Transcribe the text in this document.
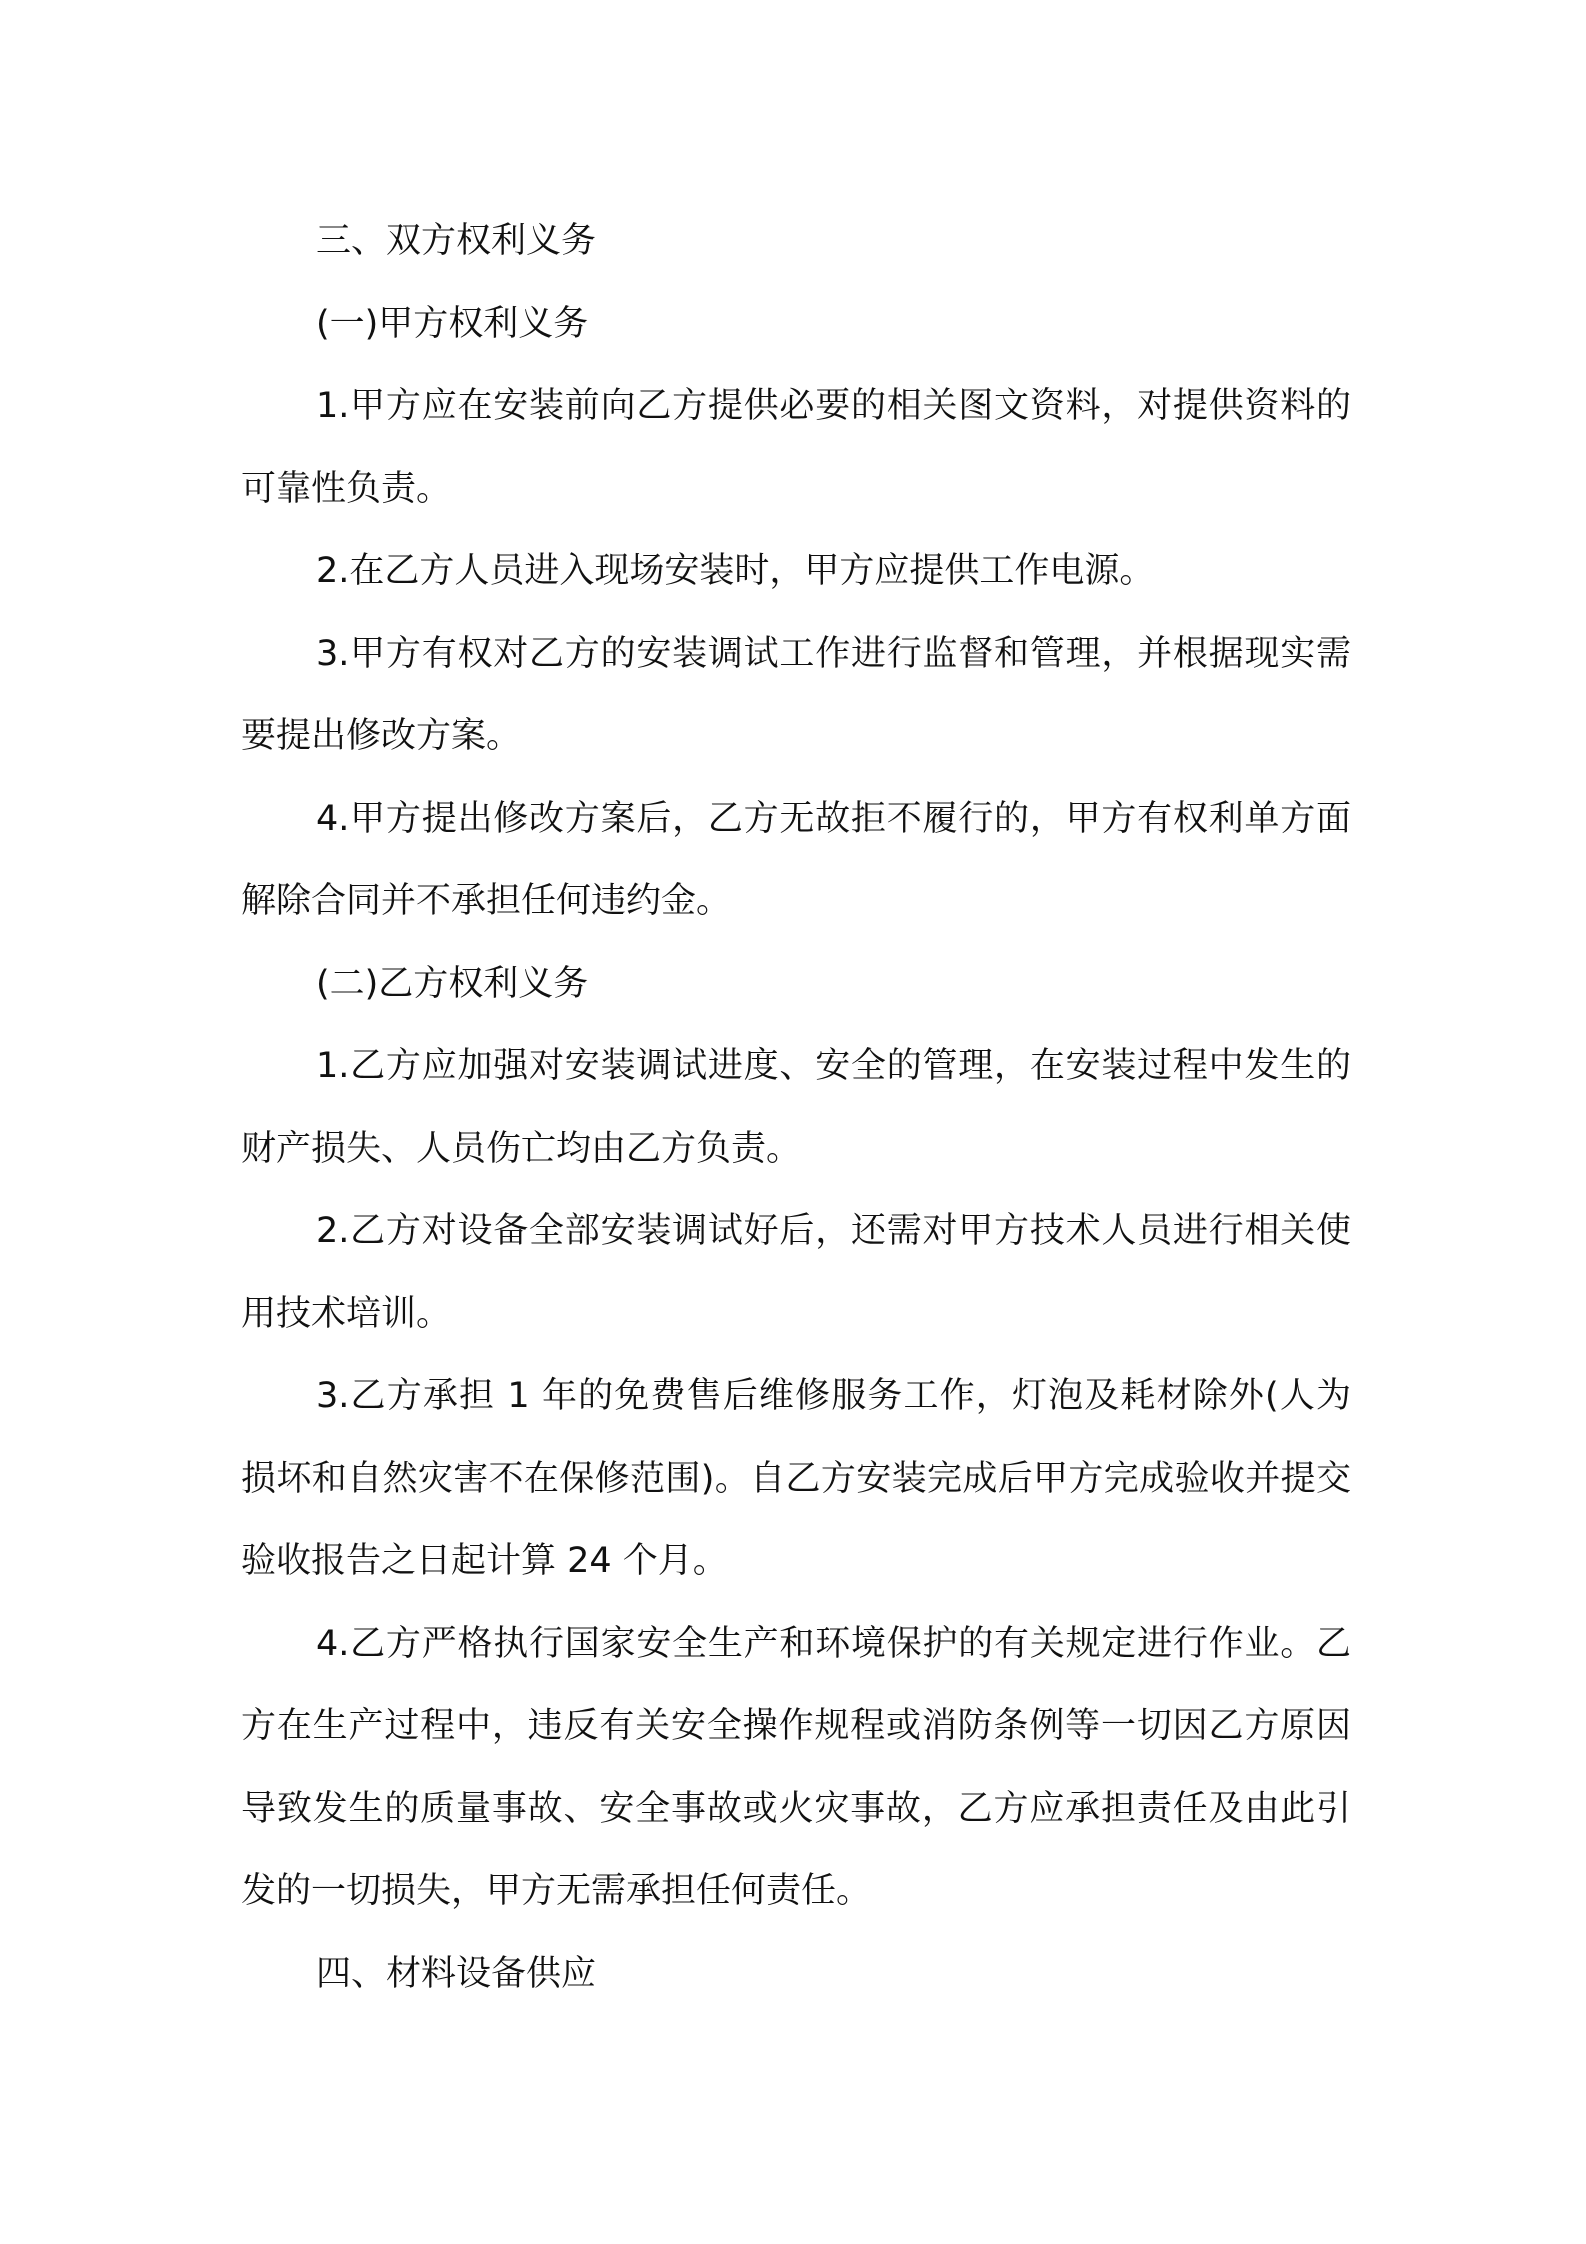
三、双方权利义务

(一)甲方权利义务

1.甲方应在安装前向乙方提供必要的相关图文资料，对提供资料的可靠性负责。

2.在乙方人员进入现场安装时，甲方应提供工作电源。

3.甲方有权对乙方的安装调试工作进行监督和管理，并根据现实需要提出修改方案。

4.甲方提出修改方案后，乙方无故拒不履行的，甲方有权利单方面解除合同并不承担任何违约金。

(二)乙方权利义务

1.乙方应加强对安装调试进度、安全的管理，在安装过程中发生的财产损失、人员伤亡均由乙方负责。

2.乙方对设备全部安装调试好后，还需对甲方技术人员进行相关使用技术培训。

3.乙方承担 1 年的免费售后维修服务工作，灯泡及耗材除外(人为损坏和自然灾害不在保修范围)。自乙方安装完成后甲方完成验收并提交验收报告之日起计算 24 个月。

4.乙方严格执行国家安全生产和环境保护的有关规定进行作业。乙方在生产过程中，违反有关安全操作规程或消防条例等一切因乙方原因导致发生的质量事故、安全事故或火灾事故，乙方应承担责任及由此引发的一切损失，甲方无需承担任何责任。

四、材料设备供应
